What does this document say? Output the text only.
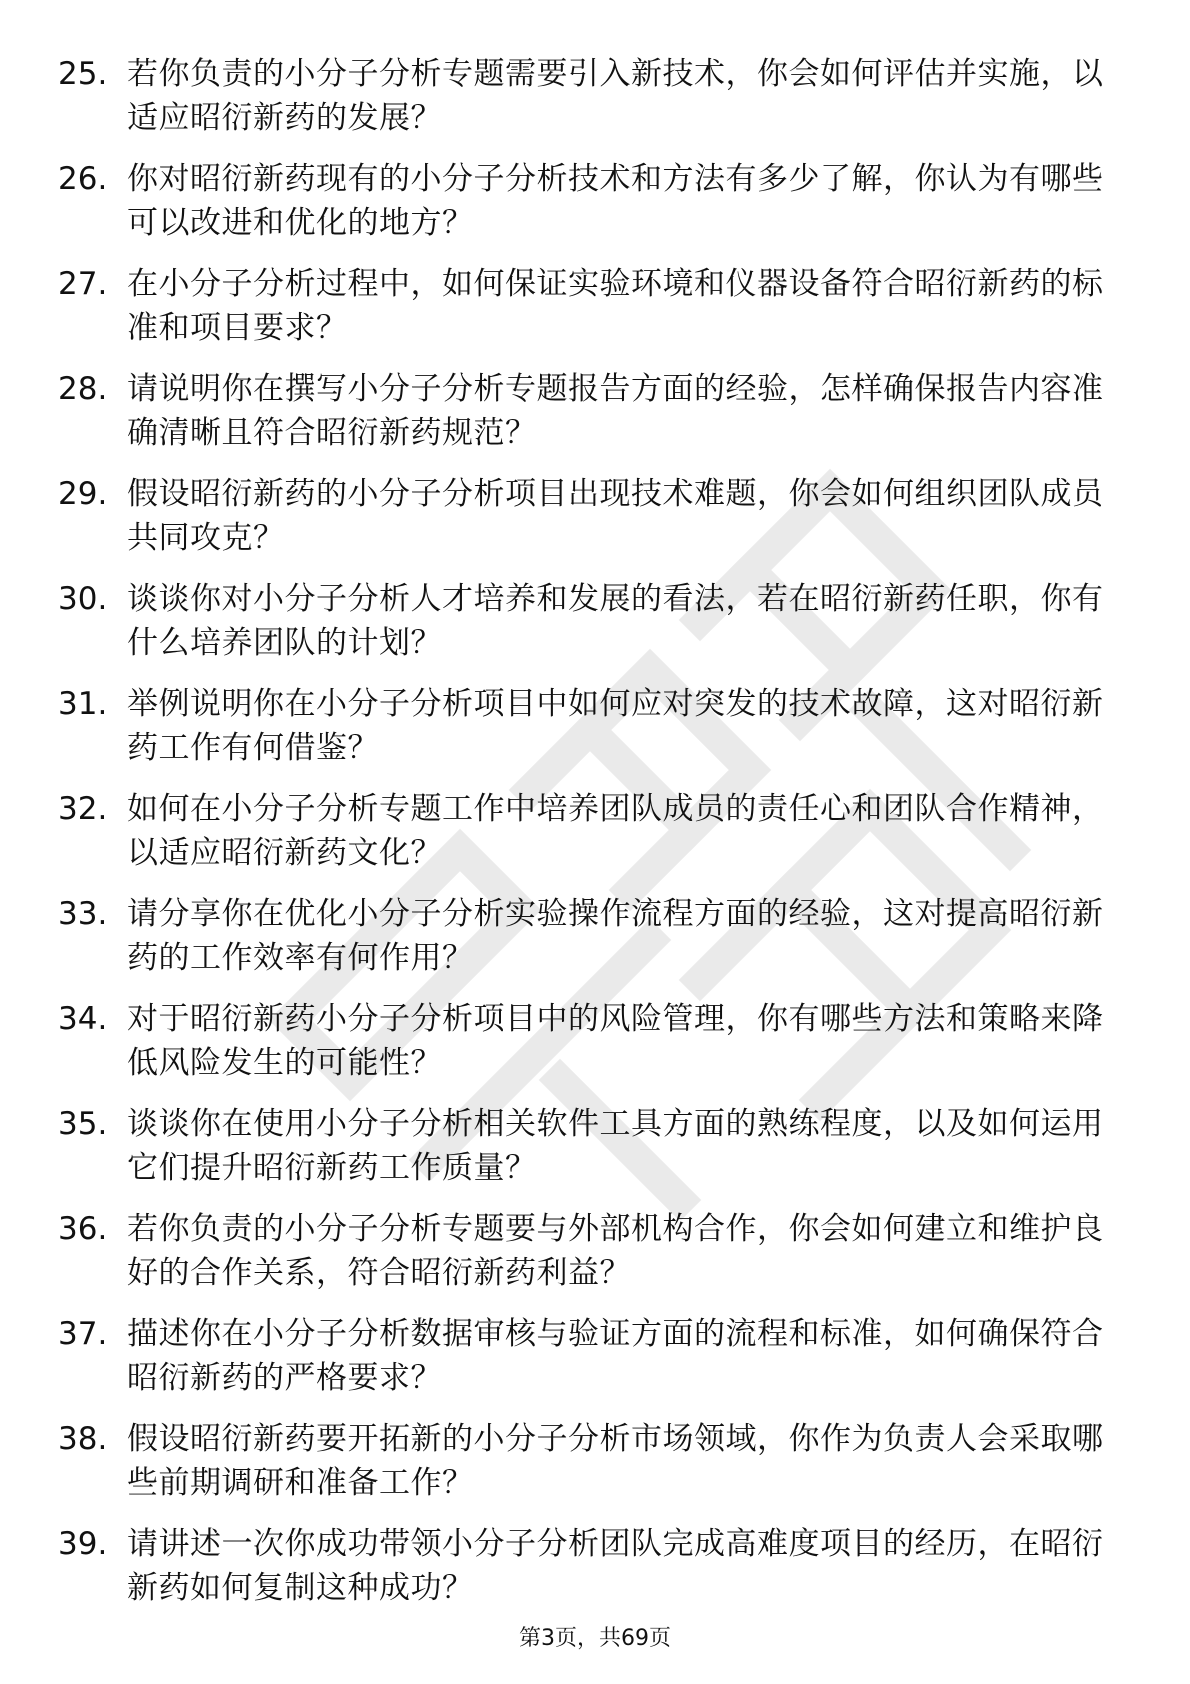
25. 若你负责的小分子分析专题需要引入新技术，你会如何评估并实施，以适应昭衍新药的发展？
26. 你对昭衍新药现有的小分子分析技术和方法有多少了解，你认为有哪些可以改进和优化的地方？
27. 在小分子分析过程中，如何保证实验环境和仪器设备符合昭衍新药的标准和项目要求？
28. 请说明你在撰写小分子分析专题报告方面的经验，怎样确保报告内容准确清晰且符合昭衍新药规范？
29. 假设昭衍新药的小分子分析项目出现技术难题，你会如何组织团队成员共同攻克？
30. 谈谈你对小分子分析人才培养和发展的看法，若在昭衍新药任职，你有什么培养团队的计划？
31. 举例说明你在小分子分析项目中如何应对突发的技术故障，这对昭衍新药工作有何借鉴？
32. 如何在小分子分析专题工作中培养团队成员的责任心和团队合作精神，以适应昭衍新药文化？
33. 请分享你在优化小分子分析实验操作流程方面的经验，这对提高昭衍新药的工作效率有何作用？
34. 对于昭衍新药小分子分析项目中的风险管理，你有哪些方法和策略来降低风险发生的可能性？
35. 谈谈你在使用小分子分析相关软件工具方面的熟练程度，以及如何运用它们提升昭衍新药工作质量？
36. 若你负责的小分子分析专题要与外部机构合作，你会如何建立和维护良好的合作关系，符合昭衍新药利益？
37. 描述你在小分子分析数据审核与验证方面的流程和标准，如何确保符合昭衍新药的严格要求？
38. 假设昭衍新药要开拓新的小分子分析市场领域，你作为负责人会采取哪些前期调研和准备工作？
39. 请讲述一次你成功带领小分子分析团队完成高难度项目的经历，在昭衍新药如何复制这种成功？
第3页，共69页
